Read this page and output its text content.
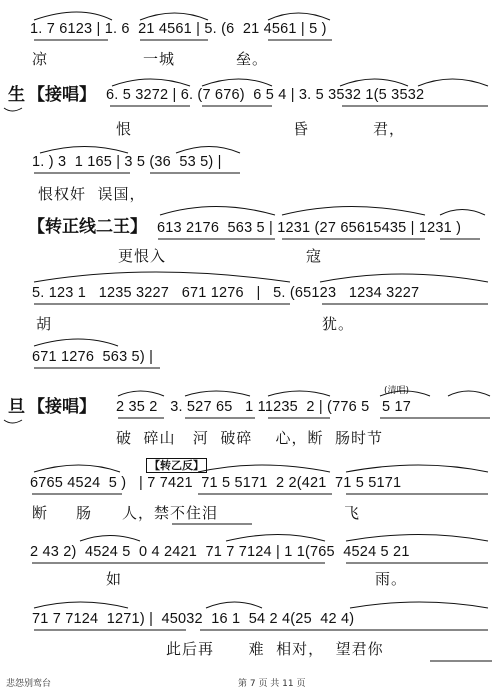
1. 7 6123 | 1. 6  21 4561 | 5. (6  21 4561 | 5 )
凉	一城	垒。
生 【接唱】 6. 5 3272 | 6. (7 676)  6 5 4 | 3. 5 3532 1(5 3532
恨	昏	君，
1. ) 3  1 165 | 3 5 (36  53 5) |
恨权奸  误国，
【转正线二王】 613 2176  563 5 | 1231 (27 65615435 | 1231 )
更恨入	寇
5. 123 1   1235 3227   671 1276   |   5. (65123   1234 3227
胡	犹。
671 1276  563 5) |
(清唱)
旦 【接唱】 2 35 2   3. 527 65   1 11235  2 | (776 5   5 17
破  碎山   河  破碎    心，断  肠时节
【转乙反】
6765 4524  5 )   | 7 7421  71 5 5171  2 2(421  71 5 5171
断 肠 人，禁不住泪	飞
2 43 2)  4524 5  0 4 2421  71 7 7124 | 1 1(765  4524 5 21
如	雨。
71 7 7124  1271) |  45032  16 1  54 2 4(25  42 4)
此后再      难  相对，  望君你
悲怨别鸾台	第 7 页 共 11 页
